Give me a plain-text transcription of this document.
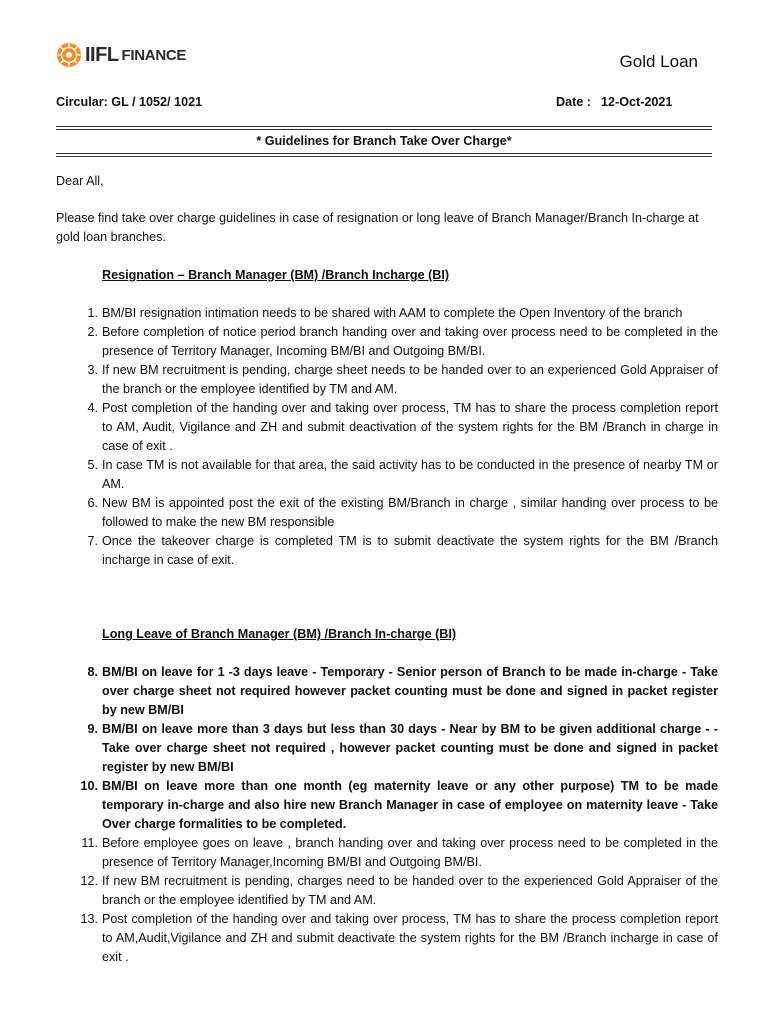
IIFL FINANCE	Gold Loan
Circular: GL / 1052/ 1021	Date : 12-Oct-2021
* Guidelines for Branch Take Over Charge*
Dear All,
Please find take over charge guidelines in case of resignation or long leave of Branch Manager/Branch In-charge at gold loan branches.
Resignation – Branch Manager (BM) /Branch Incharge (BI)
1. BM/BI resignation intimation needs to be shared with AAM to complete the Open Inventory of the branch
2. Before completion of notice period branch handing over and taking over process need to be completed in the presence of Territory Manager, Incoming BM/BI and Outgoing BM/BI.
3. If new BM recruitment is pending, charge sheet needs to be handed over to an experienced Gold Appraiser of the branch or the employee identified by TM and AM.
4. Post completion of the handing over and taking over process, TM has to share the process completion report to AM, Audit, Vigilance and ZH and submit deactivation of the system rights for the BM /Branch in charge in case of exit .
5. In case TM is not available for that area, the said activity has to be conducted in the presence of nearby TM or AM.
6. New BM is appointed post the exit of the existing BM/Branch in charge , similar handing over process to be followed to make the new BM responsible
7. Once the takeover charge is completed TM is to submit deactivate the system rights for the BM /Branch incharge in case of exit.
Long Leave of Branch Manager (BM) /Branch In-charge (BI)
8. BM/BI on leave for 1 -3 days leave - Temporary - Senior person of Branch to be made in-charge - Take over charge sheet not required however packet counting must be done and signed in packet register by new BM/BI
9. BM/BI on leave more than 3 days but less than 30 days - Near by BM to be given additional charge - - Take over charge sheet not required , however packet counting must be done and signed in packet register by new BM/BI
10. BM/BI on leave more than one month (eg maternity leave or any other purpose) TM to be made temporary in-charge and also hire new Branch Manager in case of employee on maternity leave - Take Over charge formalities to be completed.
11. Before employee goes on leave , branch handing over and taking over process need to be completed in the presence of Territory Manager,Incoming BM/BI and Outgoing BM/BI.
12. If new BM recruitment is pending, charges need to be handed over to the experienced Gold Appraiser of the branch or the employee identified by TM and AM.
13. Post completion of the handing over and taking over process, TM has to share the process completion report to AM,Audit,Vigilance and ZH and submit deactivate the system rights for the BM /Branch incharge in case of exit .
